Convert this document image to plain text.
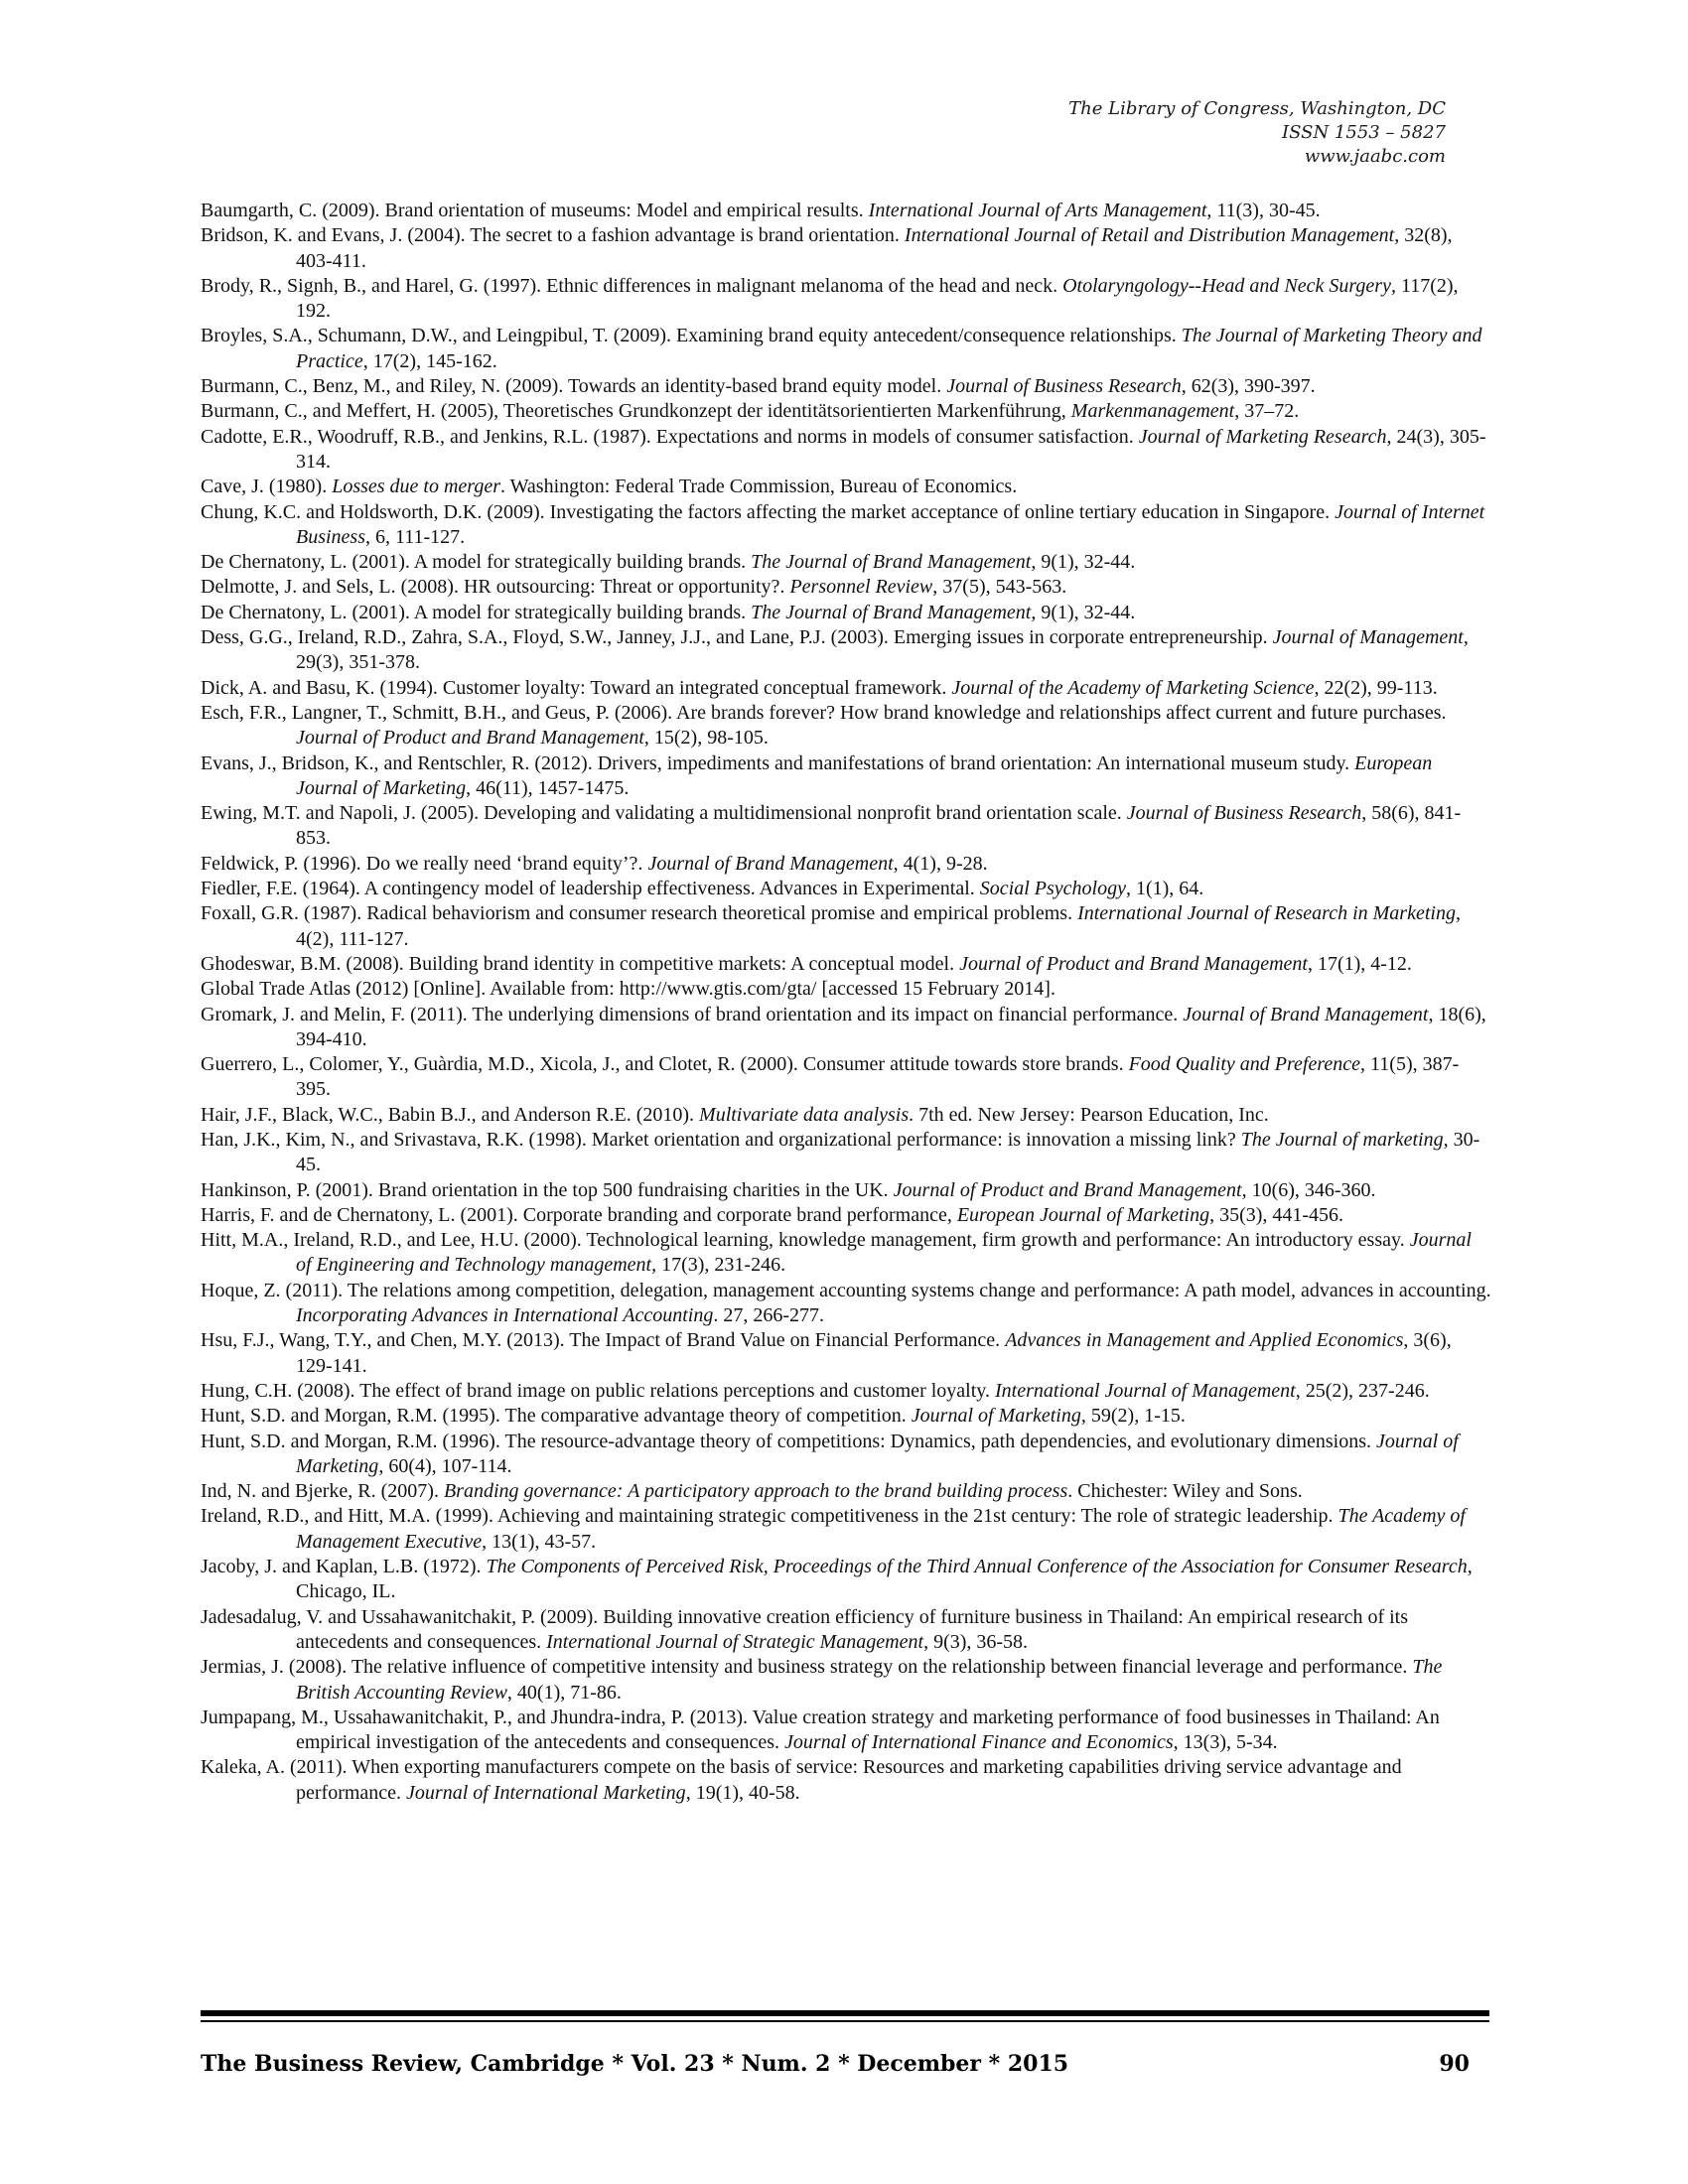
The Library of Congress, Washington, DC
ISSN 1553 – 5827
www.jaabc.com

Baumgarth, C. (2009). Brand orientation of museums: Model and empirical results. International Journal of Arts Management, 11(3), 30-45.

Bridson, K. and Evans, J. (2004). The secret to a fashion advantage is brand orientation. International Journal of Retail and Distribution Management, 32(8), 403-411.

Brody, R., Signh, B., and Harel, G. (1997). Ethnic differences in malignant melanoma of the head and neck. Otolaryngology--Head and Neck Surgery, 117(2), 192.

Broyles, S.A., Schumann, D.W., and Leingpibul, T. (2009). Examining brand equity antecedent/consequence relationships. The Journal of Marketing Theory and Practice, 17(2), 145-162.

Burmann, C., Benz, M., and Riley, N. (2009). Towards an identity-based brand equity model. Journal of Business Research, 62(3), 390-397.

Burmann, C., and Meffert, H. (2005), Theoretisches Grundkonzept der identitätsorientierten Markenführung, Markenmanagement, 37–72.

Cadotte, E.R., Woodruff, R.B., and Jenkins, R.L. (1987). Expectations and norms in models of consumer satisfaction. Journal of Marketing Research, 24(3), 305-314.

Cave, J. (1980). Losses due to merger. Washington: Federal Trade Commission, Bureau of Economics.

Chung, K.C. and Holdsworth, D.K. (2009). Investigating the factors affecting the market acceptance of online tertiary education in Singapore. Journal of Internet Business, 6, 111-127.

De Chernatony, L. (2001). A model for strategically building brands. The Journal of Brand Management, 9(1), 32-44.

Delmotte, J. and Sels, L. (2008). HR outsourcing: Threat or opportunity?. Personnel Review, 37(5), 543-563.

De Chernatony, L. (2001). A model for strategically building brands. The Journal of Brand Management, 9(1), 32-44.

Dess, G.G., Ireland, R.D., Zahra, S.A., Floyd, S.W., Janney, J.J., and Lane, P.J. (2003). Emerging issues in corporate entrepreneurship. Journal of Management, 29(3), 351-378.

Dick, A. and Basu, K. (1994). Customer loyalty: Toward an integrated conceptual framework. Journal of the Academy of Marketing Science, 22(2), 99-113.

Esch, F.R., Langner, T., Schmitt, B.H., and Geus, P. (2006). Are brands forever? How brand knowledge and relationships affect current and future purchases. Journal of Product and Brand Management, 15(2), 98-105.

Evans, J., Bridson, K., and Rentschler, R. (2012). Drivers, impediments and manifestations of brand orientation: An international museum study. European Journal of Marketing, 46(11), 1457-1475.

Ewing, M.T. and Napoli, J. (2005). Developing and validating a multidimensional nonprofit brand orientation scale. Journal of Business Research, 58(6), 841-853.

Feldwick, P. (1996). Do we really need ‘brand equity’?. Journal of Brand Management, 4(1), 9-28.

Fiedler, F.E. (1964). A contingency model of leadership effectiveness. Advances in Experimental. Social Psychology, 1(1), 64.

Foxall, G.R. (1987). Radical behaviorism and consumer research theoretical promise and empirical problems. International Journal of Research in Marketing, 4(2), 111-127.

Ghodeswar, B.M. (2008). Building brand identity in competitive markets: A conceptual model. Journal of Product and Brand Management, 17(1), 4-12.

Global Trade Atlas (2012) [Online]. Available from: http://www.gtis.com/gta/ [accessed 15 February 2014].

Gromark, J. and Melin, F. (2011). The underlying dimensions of brand orientation and its impact on financial performance. Journal of Brand Management, 18(6), 394-410.

Guerrero, L., Colomer, Y., Guàrdia, M.D., Xicola, J., and Clotet, R. (2000). Consumer attitude towards store brands. Food Quality and Preference, 11(5), 387-395.

Hair, J.F., Black, W.C., Babin B.J., and Anderson R.E. (2010). Multivariate data analysis. 7th ed. New Jersey: Pearson Education, Inc.

Han, J.K., Kim, N., and Srivastava, R.K. (1998). Market orientation and organizational performance: is innovation a missing link? The Journal of marketing, 30-45.

Hankinson, P. (2001). Brand orientation in the top 500 fundraising charities in the UK. Journal of Product and Brand Management, 10(6), 346-360.

Harris, F. and de Chernatony, L. (2001). Corporate branding and corporate brand performance, European Journal of Marketing, 35(3), 441-456.

Hitt, M.A., Ireland, R.D., and Lee, H.U. (2000). Technological learning, knowledge management, firm growth and performance: An introductory essay. Journal of Engineering and Technology management, 17(3), 231-246.

Hoque, Z. (2011). The relations among competition, delegation, management accounting systems change and performance: A path model, advances in accounting. Incorporating Advances in International Accounting. 27, 266-277.

Hsu, F.J., Wang, T.Y., and Chen, M.Y. (2013). The Impact of Brand Value on Financial Performance. Advances in Management and Applied Economics, 3(6), 129-141.

Hung, C.H. (2008). The effect of brand image on public relations perceptions and customer loyalty. International Journal of Management, 25(2), 237-246.

Hunt, S.D. and Morgan, R.M. (1995). The comparative advantage theory of competition. Journal of Marketing, 59(2), 1-15.

Hunt, S.D. and Morgan, R.M. (1996). The resource-advantage theory of competitions: Dynamics, path dependencies, and evolutionary dimensions. Journal of Marketing, 60(4), 107-114.

Ind, N. and Bjerke, R. (2007). Branding governance: A participatory approach to the brand building process. Chichester: Wiley and Sons.

Ireland, R.D., and Hitt, M.A. (1999). Achieving and maintaining strategic competitiveness in the 21st century: The role of strategic leadership. The Academy of Management Executive, 13(1), 43-57.

Jacoby, J. and Kaplan, L.B. (1972). The Components of Perceived Risk, Proceedings of the Third Annual Conference of the Association for Consumer Research, Chicago, IL.

Jadesadalug, V. and Ussahawanitchakit, P. (2009). Building innovative creation efficiency of furniture business in Thailand: An empirical research of its antecedents and consequences. International Journal of Strategic Management, 9(3), 36-58.

Jermias, J. (2008). The relative influence of competitive intensity and business strategy on the relationship between financial leverage and performance. The British Accounting Review, 40(1), 71-86.

Jumpapang, M., Ussahawanitchakit, P., and Jhundra-indra, P. (2013). Value creation strategy and marketing performance of food businesses in Thailand: An empirical investigation of the antecedents and consequences. Journal of International Finance and Economics, 13(3), 5-34.

Kaleka, A. (2011). When exporting manufacturers compete on the basis of service: Resources and marketing capabilities driving service advantage and performance. Journal of International Marketing, 19(1), 40-58.

The Business Review, Cambridge * Vol. 23 * Num. 2 * December * 2015	90
